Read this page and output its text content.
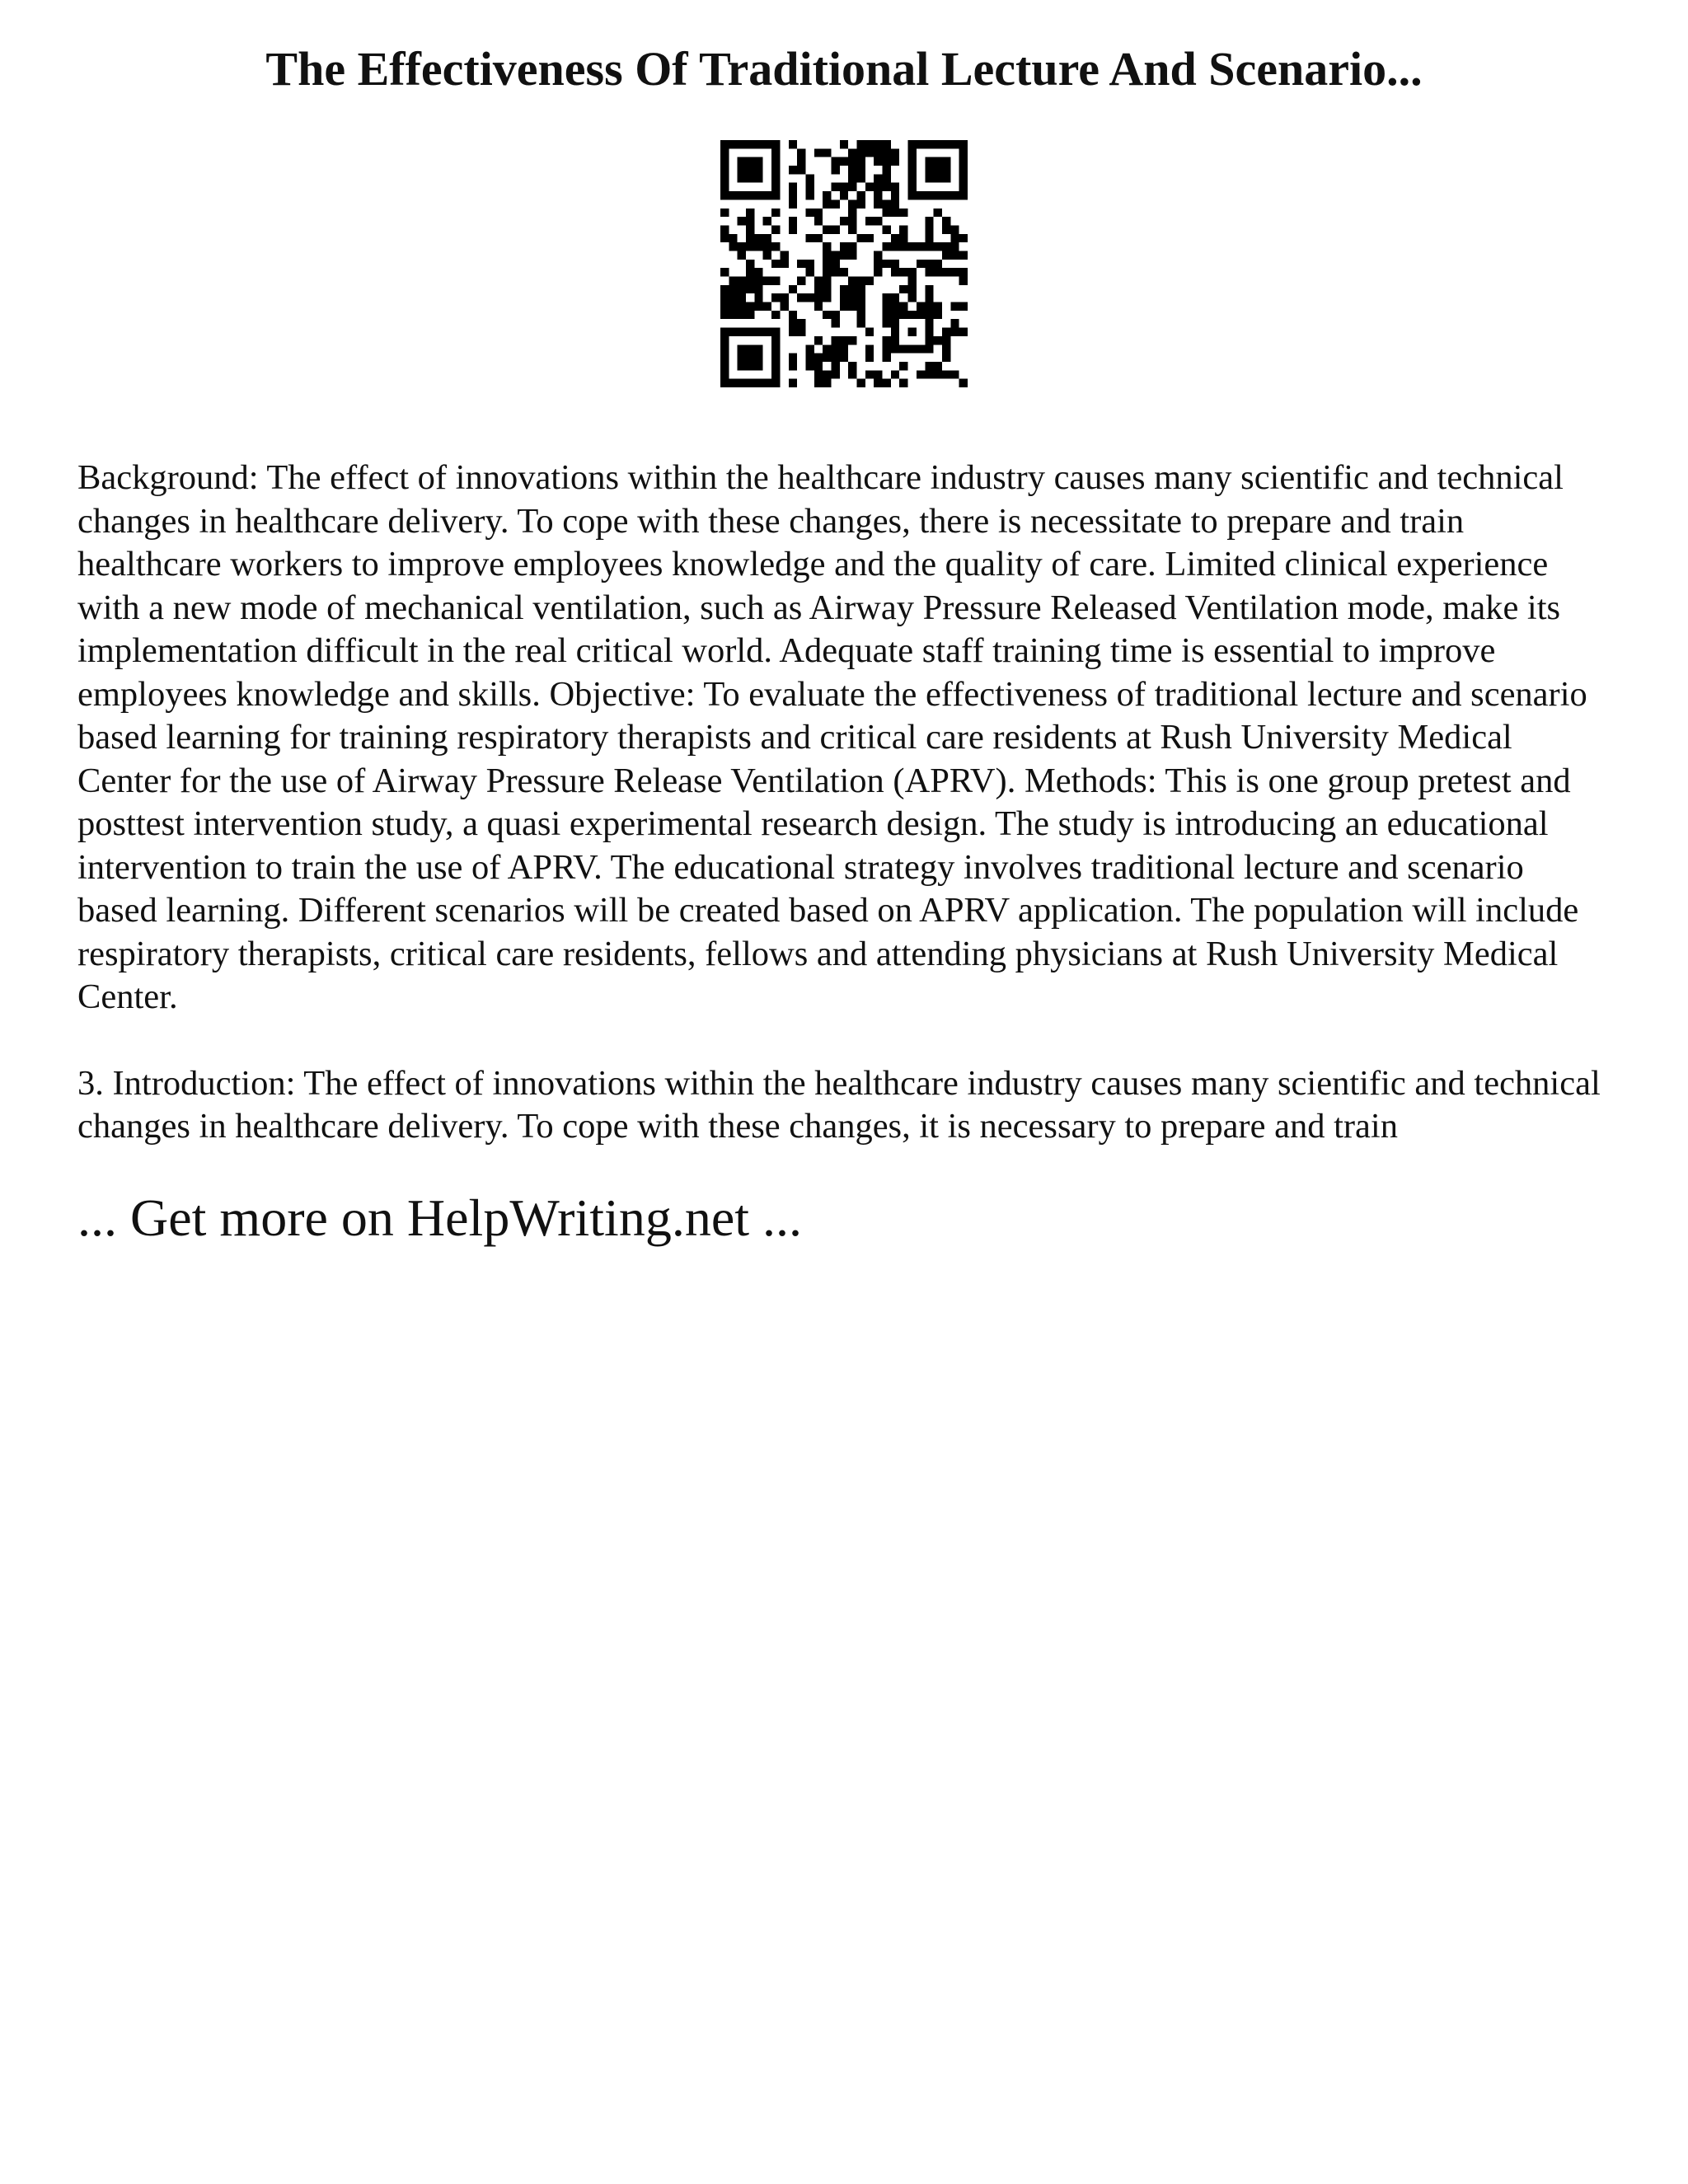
The Effectiveness Of Traditional Lecture And Scenario...

Background: The effect of innovations within the healthcare industry causes many scientific and technical changes in healthcare delivery. To cope with these changes, there is necessitate to prepare and train healthcare workers to improve employees knowledge and the quality of care. Limited clinical experience with a new mode of mechanical ventilation, such as Airway Pressure Released Ventilation mode, make its implementation difficult in the real critical world. Adequate staff training time is essential to improve employees knowledge and skills. Objective: To evaluate the effectiveness of traditional lecture and scenario based learning for training respiratory therapists and critical care residents at Rush University Medical Center for the use of Airway Pressure Release Ventilation (APRV). Methods: This is one group pretest and posttest intervention study, a quasi experimental research design. The study is introducing an educational intervention to train the use of APRV. The educational strategy involves traditional lecture and scenario based learning. Different scenarios will be created based on APRV application. The population will include respiratory therapists, critical care residents, fellows and attending physicians at Rush University Medical Center.

3. Introduction: The effect of innovations within the healthcare industry causes many scientific and technical changes in healthcare delivery. To cope with these changes, it is necessary to prepare and train

... Get more on HelpWriting.net ...
